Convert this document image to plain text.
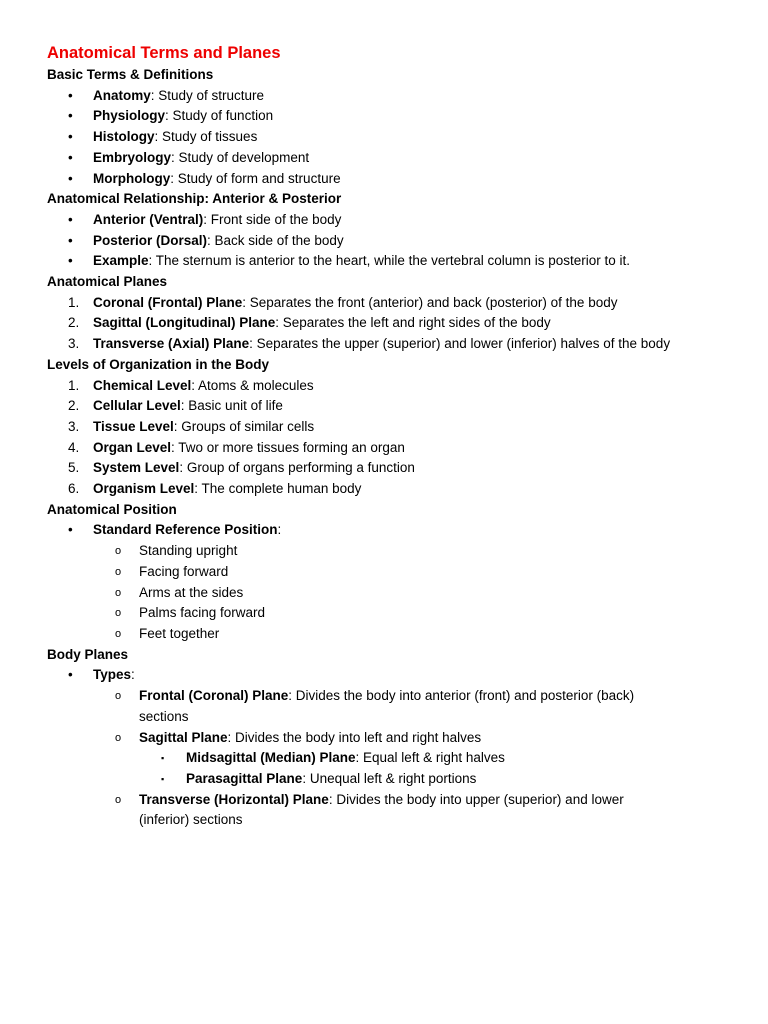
Anatomical Terms and Planes

Basic Terms & Definitions

• Anatomy: Study of structure

• Physiology: Study of function

• Histology: Study of tissues

• Embryology: Study of development

• Morphology: Study of form and structure

Anatomical Relationship: Anterior & Posterior

• Anterior (Ventral): Front side of the body

• Posterior (Dorsal): Back side of the body

• Example: The sternum is anterior to the heart, while the vertebral column is posterior to it.

Anatomical Planes

1. Coronal (Frontal) Plane: Separates the front (anterior) and back (posterior) of the body

2. Sagittal (Longitudinal) Plane: Separates the left and right sides of the body

3. Transverse (Axial) Plane: Separates the upper (superior) and lower (inferior) halves of the body

Levels of Organization in the Body

1. Chemical Level: Atoms & molecules

2. Cellular Level: Basic unit of life

3. Tissue Level: Groups of similar cells

4. Organ Level: Two or more tissues forming an organ

5. System Level: Group of organs performing a function

6. Organism Level: The complete human body

Anatomical Position

• Standard Reference Position:

o Standing upright

o Facing forward

o Arms at the sides

o Palms facing forward

o Feet together

Body Planes

• Types:

o Frontal (Coronal) Plane: Divides the body into anterior (front) and posterior (back)
sections

o Sagittal Plane: Divides the body into left and right halves

▪ Midsagittal (Median) Plane: Equal left & right halves

▪ Parasagittal Plane: Unequal left & right portions

o Transverse (Horizontal) Plane: Divides the body into upper (superior) and lower
(inferior) sections
